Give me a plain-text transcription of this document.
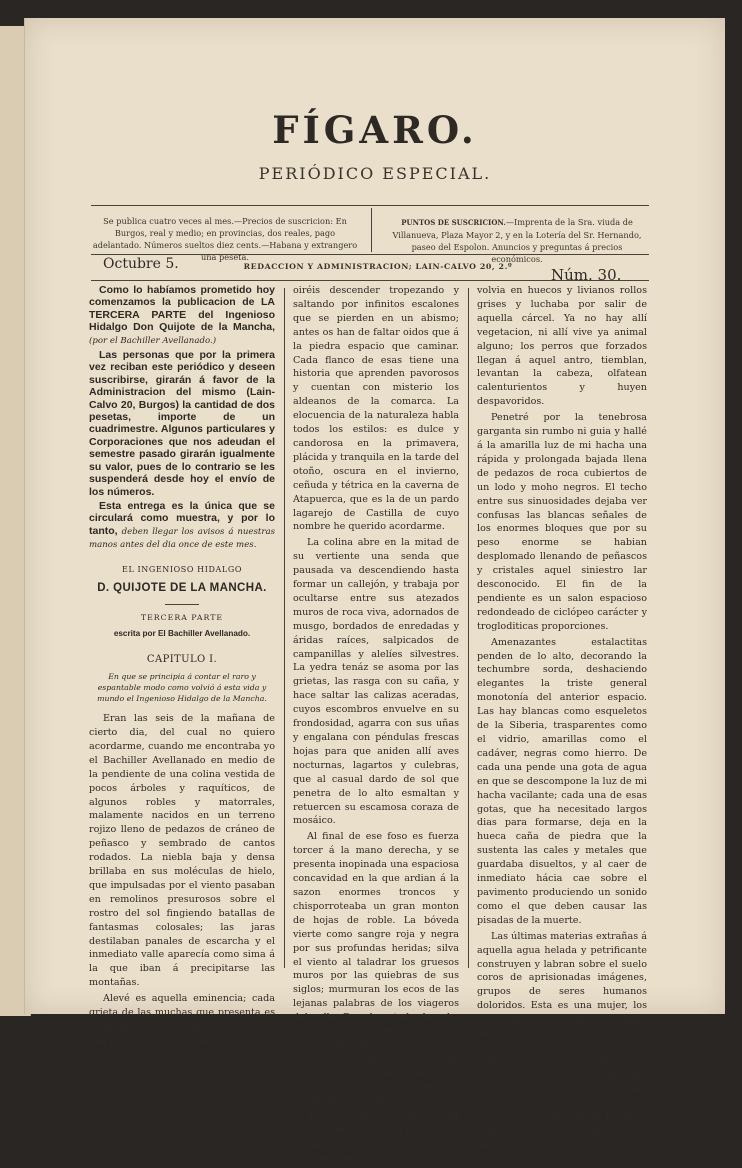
FÍGARO.
PERIÓDICO ESPECIAL.
Se publica cuatro veces al mes.—Precios de suscricion: En Burgos, real y medio; en provincias, dos reales, pago adelantado. Números sueltos diez cents.—Habana y extrangero una peseta.
PUNTOS DE SUSCRICION.—Imprenta de la Sra. viuda de Villanueva, Plaza Mayor 2, y en la Lotería del Sr. Hernando, paseo del Espolon. Anuncios y preguntas á precios económicos.
Octubre 5.	REDACCION Y ADMINISTRACION; LAIN-CALVO 20, 2.º	Núm. 30.

Como lo habíamos prometido hoy comenzamos la publicacion de LA TERCERA PARTE del Ingenioso Hidalgo Don Quijote de la Mancha, (por el Bachiller Avellanado.)

Las personas que por la primera vez reciban este periódico y deseen suscribirse, girarán á favor de la Administracion del mismo (Lain-Calvo 20, Burgos) la cantidad de dos pesetas, importe de un cuadrimestre. Algunos particulares y Corporaciones que nos adeudan el semestre pasado girarán igualmente su valor, pues de lo contrario se les suspenderá desde hoy el envío de los números.

Esta entrega es la única que se circulará como muestra, y por lo tanto, deben llegar los avisos á nuestras manos antes del dia once de este mes.

EL INGENIOSO HIDALGO
D. QUIJOTE DE LA MANCHA.
TERCERA PARTE
escrita por El Bachiller Avellanado.
CAPITULO I.
En que se principia á contar el raro y espantable modo como volvió á esta vida y mundo el Ingenioso Hidalgo de la Mancha.

Eran las seis de la mañana de cierto dia, del cual no quiero acordarme, cuando me encontraba yo el Bachiller Avellanado en medio de la pendiente de una colina vestida de pocos árboles y raquíticos, de algunos robles y matorrales, malamente nacidos en un terreno rojizo lleno de pedazos de cráneo de peñasco y sembrado de cantos rodados. La niebla baja y densa brillaba en sus moléculas de hielo, que impulsadas por el viento pasaban en remolinos presurosos sobre el rostro del sol fingiendo batallas de fantasmas colosales; las jaras destilaban panales de escarcha y el inmediato valle aparecía como sima á la que iban á precipitarse las montañas.

Alevé es aquella eminencia; cada grieta de las muchas que presenta es la garganta de un antro; si arrojais una piedra por cualquiera de ellas la

oiréis descender tropezando y saltando por infinitos escalones que se pierden en un abismo; antes os han de faltar oidos que á la piedra espacio que caminar. Cada flanco de esas tiene una historia que aprenden pavorosos y cuentan con misterio los aldeanos de la comarca. La elocuencia de la naturaleza habla todos los estilos: es dulce y candorosa en la primavera, plácida y tranquila en la tarde del otoño, oscura en el invierno, ceñuda y tétrica en la caverna de Atapuerca, que es la de un pardo lagarejo de Castilla de cuyo nombre he querido acordarme.

La colina abre en la mitad de su vertiente una senda que pausada va descendiendo hasta formar un callejón, y trabaja por ocultarse entre sus atezados muros de roca viva, adornados de musgo, bordados de enredadas y áridas raíces, salpicados de campanillas y alelíes silvestres. La yedra tenáz se asoma por las grietas, las rasga con su caña, y hace saltar las calizas aceradas, cuyos escombros envuelve en su frondosidad, agarra con sus uñas y engalana con péndulas frescas hojas para que aniden allí aves nocturnas, lagartos y culebras, que al casual dardo de sol que penetra de lo alto esmaltan y retuercen su escamosa coraza de mosáico.

Al final de ese foso es fuerza torcer á la mano derecha, y se presenta inopinada una espaciosa concavidad en la que ardian á la sazon enormes troncos y chisporroteaba un gran monton de hojas de roble. La bóveda vierte como sangre roja y negra por sus profundas heridas; silva el viento al taladrar los gruesos muros por las quiebras de sus siglos; murmuran los ecos de las lejanas palabras de los viageros del valle. Por el costado derecho no hay paso, por el izquierdo se ve á flor de tierra un ojo monstruoso con su ceja de espantables dimensiones: la pupila de ese ojo es la entrada iracunda á la caverna.

En el salvaje pórtico del subterráneo palacio el humo de la hoguera al dar con el rudo combado techo se re-

volvia en huecos y livianos rollos grises y luchaba por salir de aquella cárcel. Ya no hay allí vegetacion, ni allí vive ya animal alguno; los perros que forzados llegan á aquel antro, tiemblan, levantan la cabeza, olfatean calenturientos y huyen despavoridos.

Penetré por la tenebrosa garganta sin rumbo ni guia y hallé á la amarilla luz de mi hacha una rápida y prolongada bajada llena de pedazos de roca cubiertos de un lodo y moho negros. El techo entre sus sinuosidades dejaba ver confusas las blancas señales de los enormes bloques que por su peso enorme se habian desplomado llenando de peñascos y cristales aquel siniestro lar desconocido. El fin de la pendiente es un salon espacioso redondeado de ciclópeo carácter y trogloditicas proporciones.

Amenazantes estalactitas penden de lo alto, decorando la techumbre sorda, deshaciendo elegantes la triste general monotonía del anterior espacio. Las hay blancas como esqueletos de la Siberia, trasparentes como el vidrio, amarillas como el cadáver, negras como hierro. De cada una pende una gota de agua en que se descompone la luz de mi hacha vacilante; cada una de esas gotas, que ha necesitado largos dias para formarse, deja en la hueca caña de piedra que la sustenta las cales y metales que guardaba disueltos, y al caer de inmediato hácia cae sobre el pavimento produciendo un sonido como el que deben causar las pisadas de la muerte.

Las últimas materias extrañas á aquella agua helada y petrificante construyen y labran sobre el suelo coros de aprisionadas imágenes, grupos de seres humanos doloridos. Esta es una mujer, los ojos bajos, el húmedo cabello despeinado, caido sobre los hombros, los brazos cruzados sobre el pecho; aquellas son plañideras, las cabezas al cielo suplicante, procurando en vano exhalar ayes tristísimos; esotros son seres que brotan de la tierra rompiéndola y levantándola con deslavados cráneos; aque-
